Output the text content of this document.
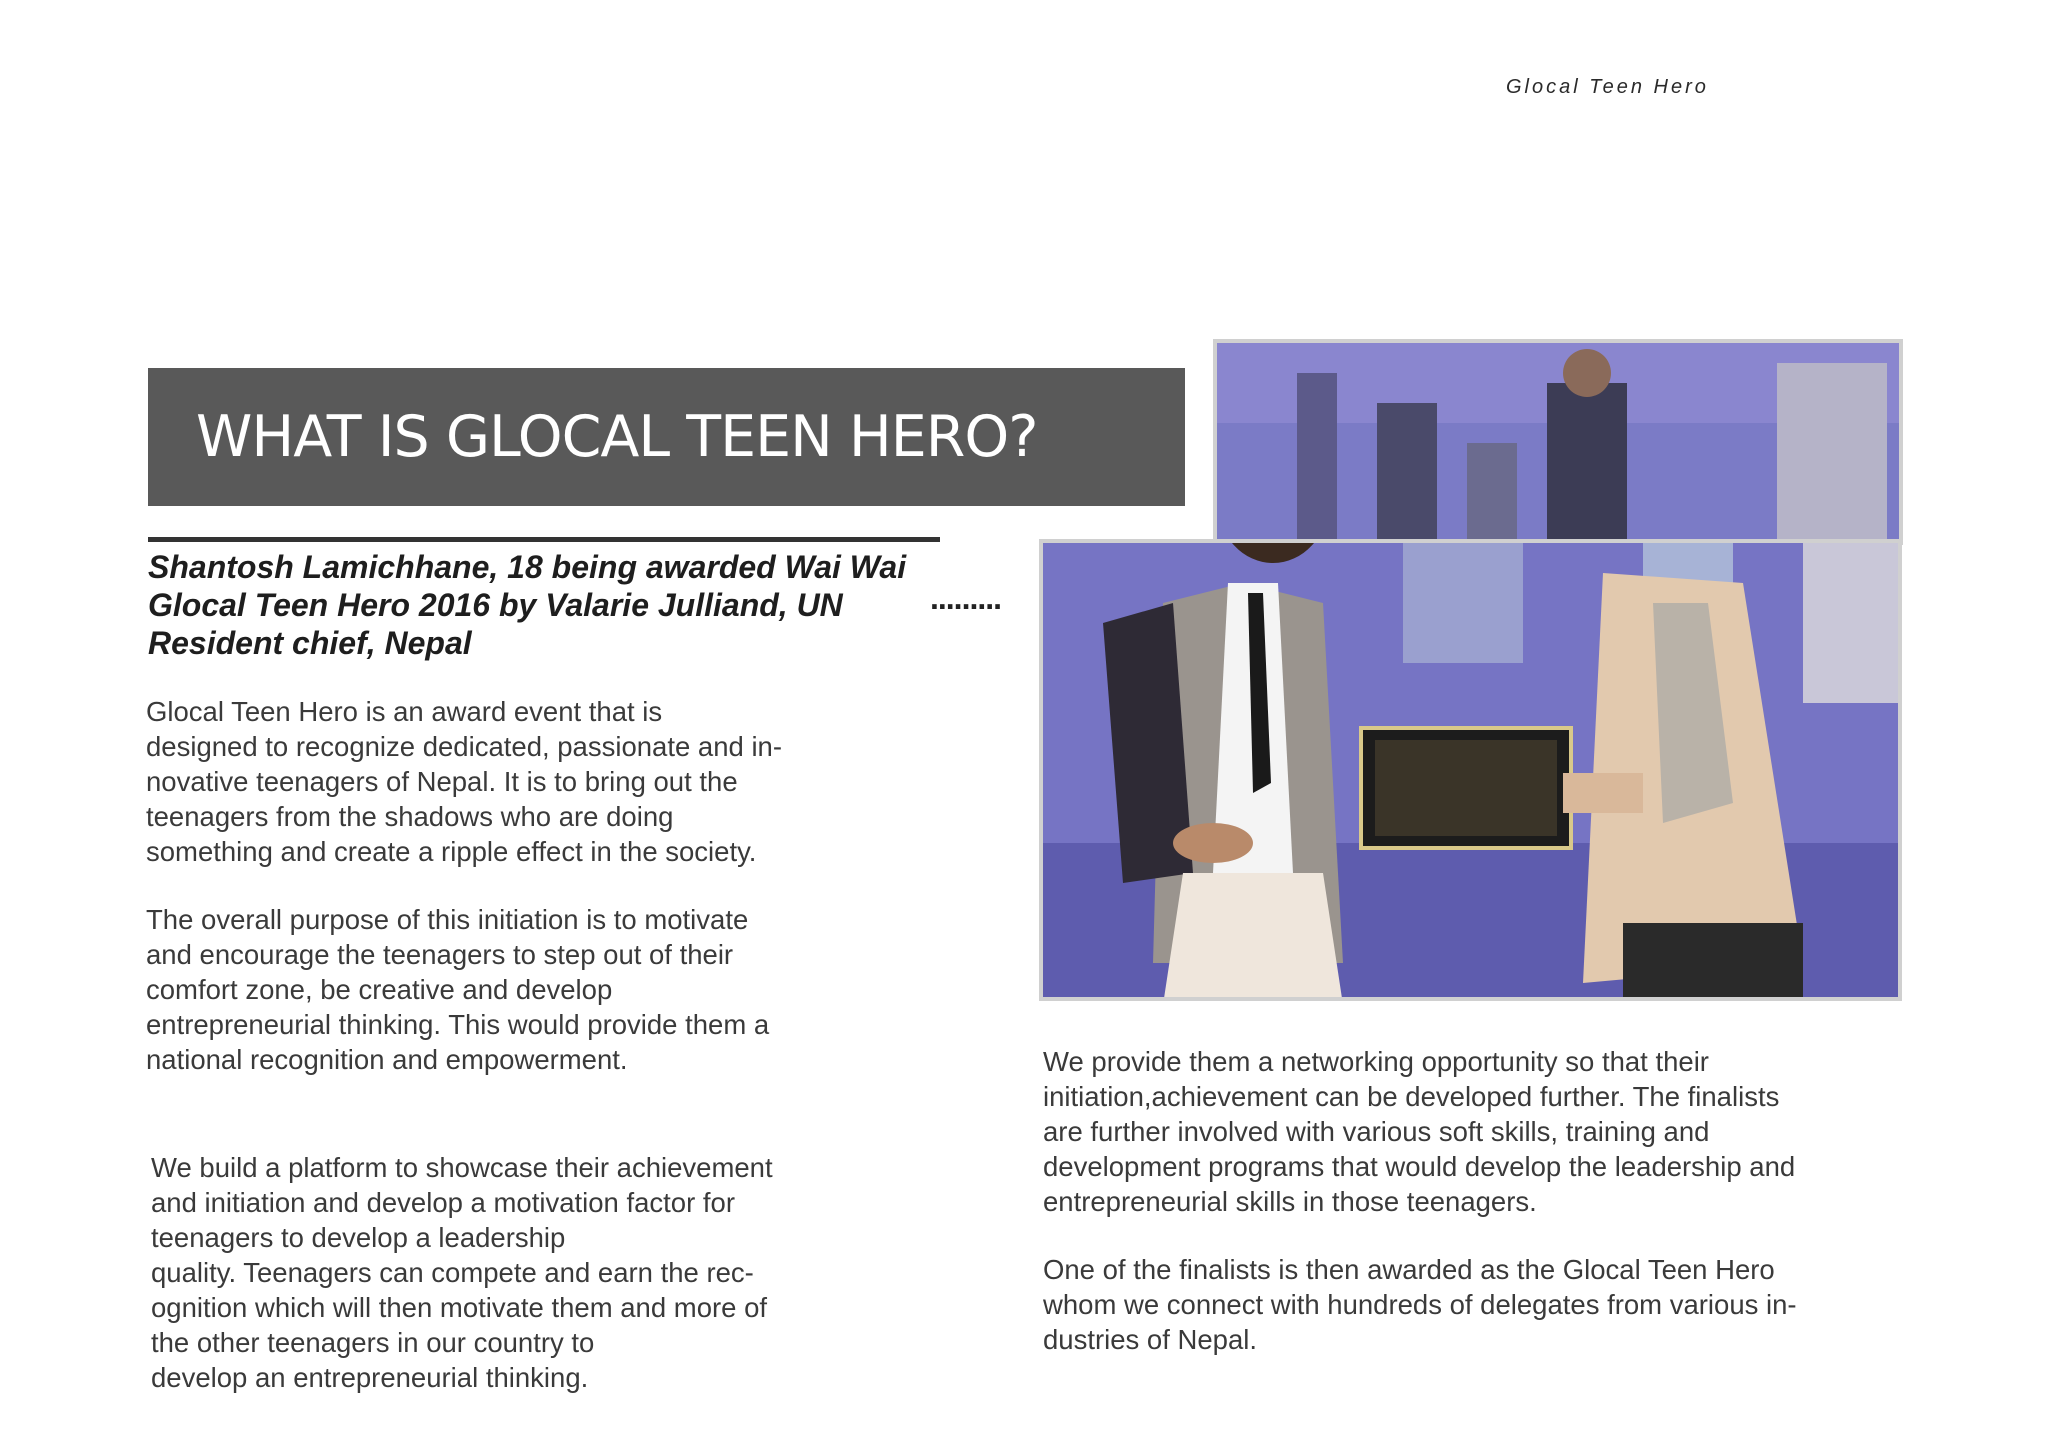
Glocal Teen Hero
WHAT IS GLOCAL TEEN HERO?
Shantosh Lamichhane, 18 being awarded Wai Wai Glocal Teen Hero 2016 by Valarie Julliand, UN Resident chief, Nepal
.........

Glocal Teen Hero is an award event that is
designed to recognize dedicated, passionate and in-
novative teenagers of Nepal. It is to bring out the
teenagers from the shadows who are doing
something and create a ripple effect in the society.

The overall purpose of this initiation is to motivate
and encourage the teenagers to step out of their
comfort zone, be creative and develop
entrepreneurial thinking. This would provide them a
national recognition and empowerment.

We build a platform to showcase their achievement
and initiation and develop a motivation factor for
teenagers to develop a leadership
quality. Teenagers can compete and earn the rec-
ognition which will then motivate them and more of
the other teenagers in our country to
develop an entrepreneurial thinking.

We provide them a networking opportunity so that their
initiation,achievement can be developed further. The finalists
are further involved with various soft skills, training and
development programs that would develop the leadership and
entrepreneurial skills in those teenagers.

One of the finalists is then awarded as the Glocal Teen Hero
whom we connect with hundreds of delegates from various in-
dustries of Nepal.
